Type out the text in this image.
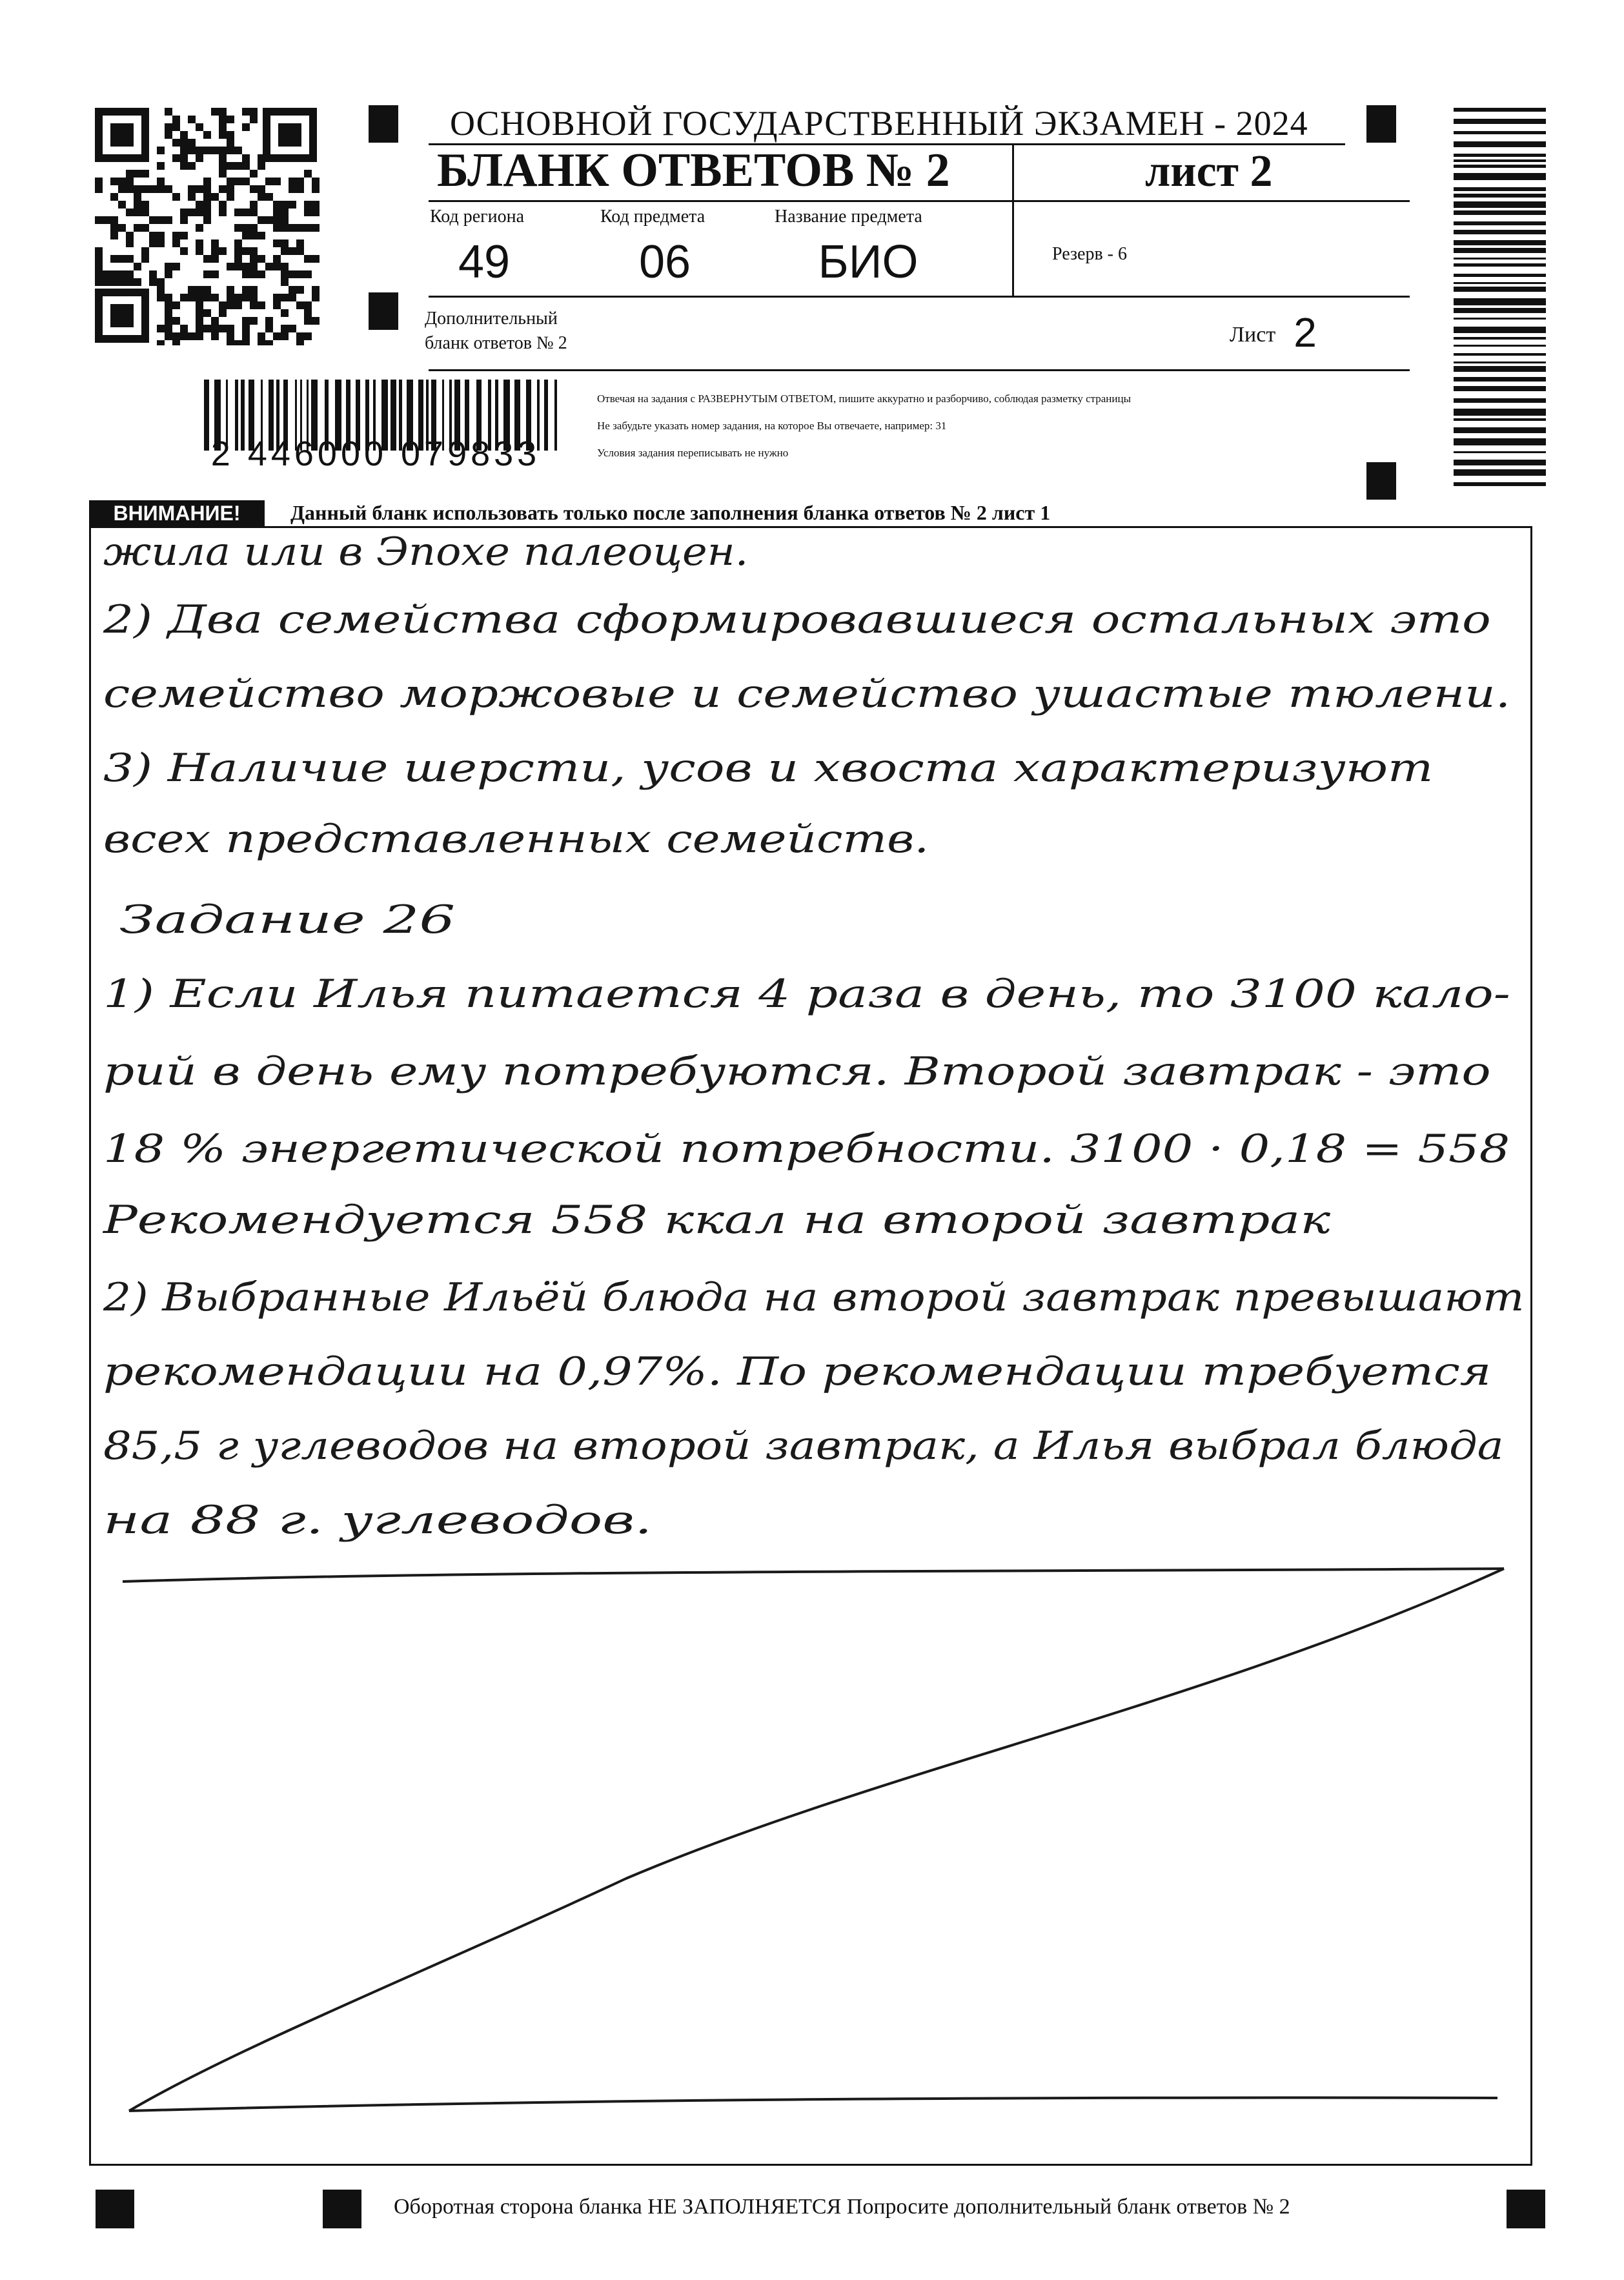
ОСНОВНОЙ ГОСУДАРСТВЕННЫЙ ЭКЗАМЕН - 2024
БЛАНК ОТВЕТОВ № 2	лист 2
Код региона	Код предмета	Название предмета
49	06	БИО	Резерв - 6
Дополнительный
бланк ответов № 2	Лист 2
2 446000 079833
Отвечая на задания с РАЗВЕРНУТЫМ ОТВЕТОМ, пишите аккуратно и разборчиво, соблюдая разметку страницы
Не забудьте указать номер задания, на которое Вы отвечаете, например: 31
Условия задания переписывать не нужно
ВНИМАНИЕ!	Данный бланк использовать только после заполнения бланка ответов № 2 лист 1
жила или в Эпохе палеоцен.
2) Два семейства сформировавшиеся остальных это
семейство моржовые и семейство ушастые тюлени.
3) Наличие шерсти, усов и хвоста характеризуют
всех представленных семейств.
Задание 26
1) Если Илья питается 4 раза в день, то 3100 кало-
рий в день ему потребуются. Второй завтрак - это
18 % энергетической потребности. 3100 · 0,18 = 558
Рекомендуется 558 ккал на второй завтрак
2) Выбранные Ильёй блюда на второй завтрак превышают
рекомендации на 0,97%. По рекомендации требуется
85,5 г углеводов на второй завтрак, а Илья выбрал блюда
на 88 г. углеводов.
Оборотная сторона бланка НЕ ЗАПОЛНЯЕТСЯ Попросите дополнительный бланк ответов № 2
